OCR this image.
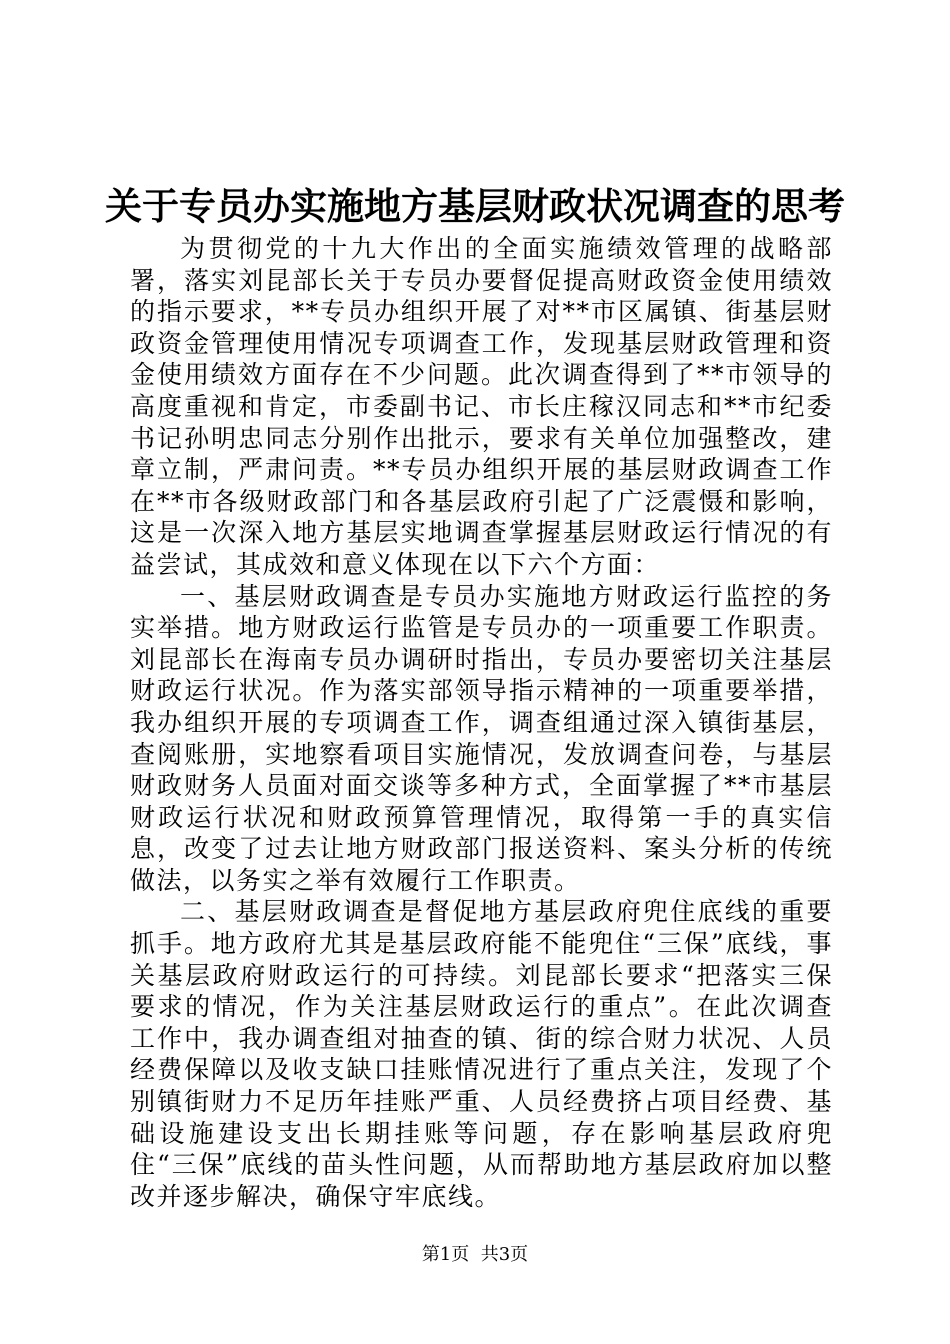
关于专员办实施地方基层财政状况调查的思考

为贯彻党的十九大作出的全面实施绩效管理的战略部署，落实刘昆部长关于专员办要督促提高财政资金使用绩效的指示要求，**专员办组织开展了对**市区属镇、街基层财政资金管理使用情况专项调查工作，发现基层财政管理和资金使用绩效方面存在不少问题。此次调查得到了**市领导的高度重视和肯定，市委副书记、市长庄稼汉同志和**市纪委书记孙明忠同志分别作出批示，要求有关单位加强整改，建章立制，严肃问责。**专员办组织开展的基层财政调查工作在**市各级财政部门和各基层政府引起了广泛震慑和影响，这是一次深入地方基层实地调查掌握基层财政运行情况的有益尝试，其成效和意义体现在以下六个方面：

一、基层财政调查是专员办实施地方财政运行监控的务实举措。地方财政运行监管是专员办的一项重要工作职责。刘昆部长在海南专员办调研时指出，专员办要密切关注基层财政运行状况。作为落实部领导指示精神的一项重要举措，我办组织开展的专项调查工作，调查组通过深入镇街基层，查阅账册，实地察看项目实施情况，发放调查问卷，与基层财政财务人员面对面交谈等多种方式，全面掌握了**市基层财政运行状况和财政预算管理情况，取得第一手的真实信息，改变了过去让地方财政部门报送资料、案头分析的传统做法，以务实之举有效履行工作职责。

二、基层财政调查是督促地方基层政府兜住底线的重要抓手。地方政府尤其是基层政府能不能兜住“三保”底线，事关基层政府财政运行的可持续。刘昆部长要求“把落实三保要求的情况，作为关注基层财政运行的重点”。在此次调查工作中，我办调查组对抽查的镇、街的综合财力状况、人员经费保障以及收支缺口挂账情况进行了重点关注，发现了个别镇街财力不足历年挂账严重、人员经费挤占项目经费、基础设施建设支出长期挂账等问题，存在影响基层政府兜住“三保”底线的苗头性问题，从而帮助地方基层政府加以整改并逐步解决，确保守牢底线。

第1页  共3页
